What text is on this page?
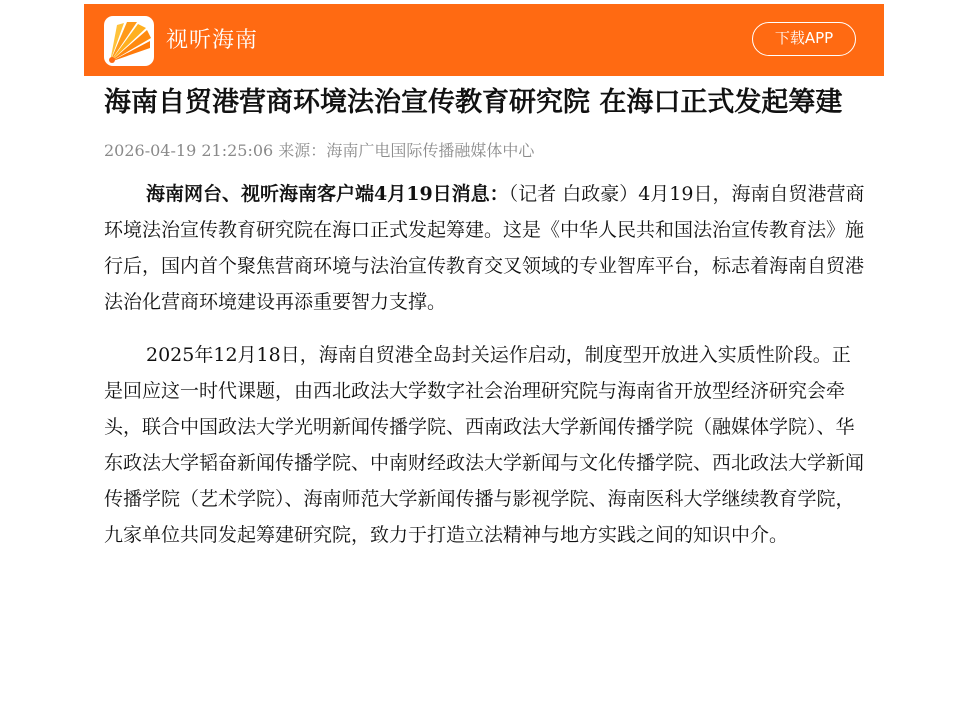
视听海南	下载APP
海南自贸港营商环境法治宣传教育研究院 在海口正式发起筹建
2026-04-19 21:25:06 来源：海南广电国际传播融媒体中心

海南网台、视听海南客户端4月19日消息：（记者 白政豪）4月19日，海南自贸港营商环境法治宣传教育研究院在海口正式发起筹建。这是《中华人民共和国法治宣传教育法》施行后，国内首个聚焦营商环境与法治宣传教育交叉领域的专业智库平台，标志着海南自贸港法治化营商环境建设再添重要智力支撑。

2025年12月18日，海南自贸港全岛封关运作启动，制度型开放进入实质性阶段。正是回应这一时代课题，由西北政法大学数字社会治理研究院与海南省开放型经济研究会牵头，联合中国政法大学光明新闻传播学院、西南政法大学新闻传播学院（融媒体学院）、华东政法大学韬奋新闻传播学院、中南财经政法大学新闻与文化传播学院、西北政法大学新闻传播学院（艺术学院）、海南师范大学新闻传播与影视学院、海南医科大学继续教育学院，九家单位共同发起筹建研究院，致力于打造立法精神与地方实践之间的知识中介。
